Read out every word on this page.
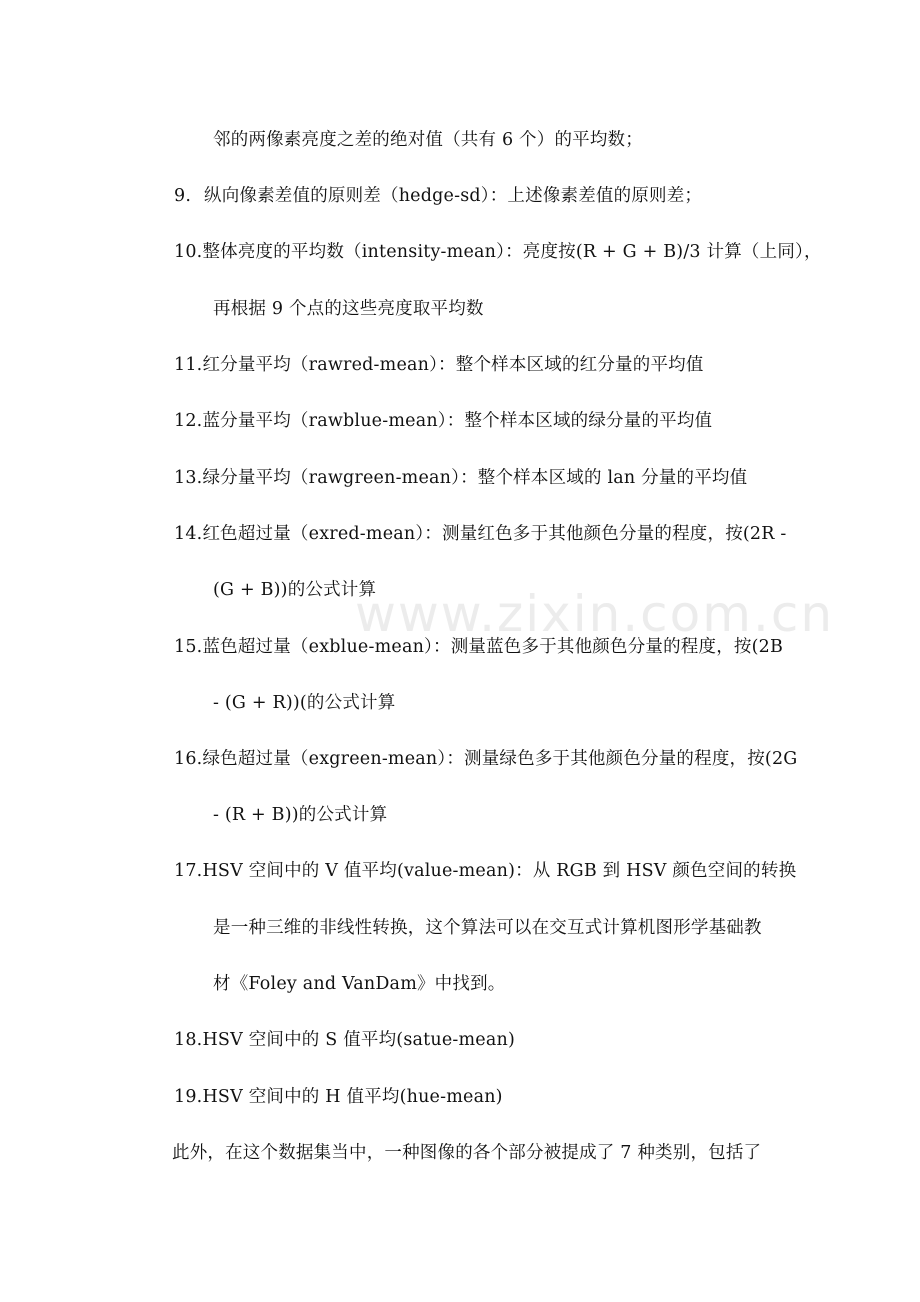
www.zixin.com.cn
邻的两像素亮度之差的绝对值（共有 6 个）的平均数；
9. 纵向像素差值的原则差（hedge-sd）：上述像素差值的原则差；
10.整体亮度的平均数（intensity-mean）：亮度按(R + G + B)/3 计算（上同），
再根据 9 个点的这些亮度取平均数
11.红分量平均（rawred-mean）：整个样本区域的红分量的平均值
12.蓝分量平均（rawblue-mean）：整个样本区域的绿分量的平均值
13.绿分量平均（rawgreen-mean）：整个样本区域的 lan 分量的平均值
14.红色超过量（exred-mean）：测量红色多于其他颜色分量的程度，按(2R -
(G + B))的公式计算
15.蓝色超过量（exblue-mean）：测量蓝色多于其他颜色分量的程度，按(2B
- (G + R))(的公式计算
16.绿色超过量（exgreen-mean）：测量绿色多于其他颜色分量的程度，按(2G
- (R + B))的公式计算
17.HSV 空间中的 V 值平均(value-mean)：从 RGB 到 HSV 颜色空间的转换
是一种三维的非线性转换，这个算法可以在交互式计算机图形学基础教
材《Foley and VanDam》中找到。
18.HSV 空间中的 S 值平均(satue-mean)
19.HSV 空间中的 H 值平均(hue-mean)
此外，在这个数据集当中，一种图像的各个部分被提成了 7 种类别，包括了
